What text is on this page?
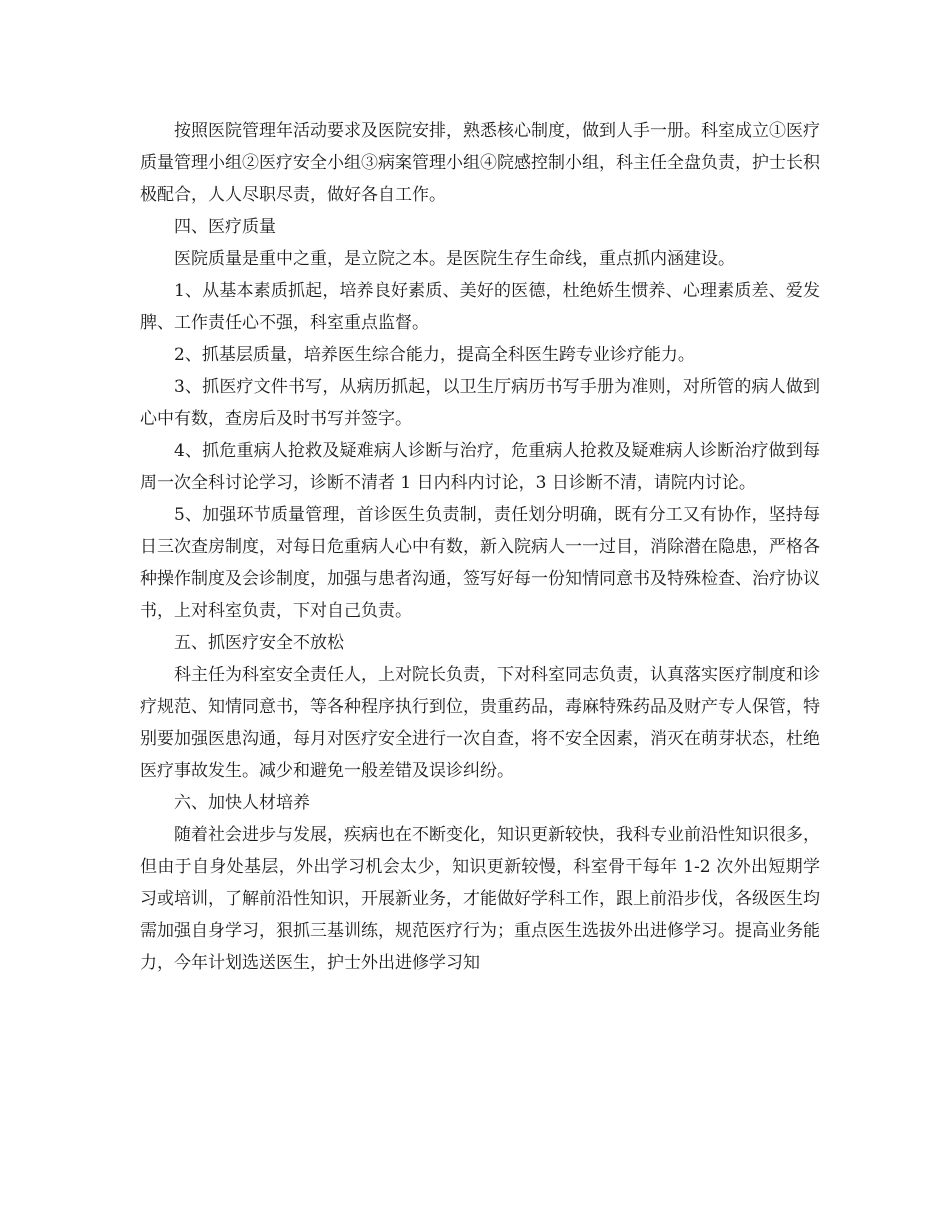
按照医院管理年活动要求及医院安排，熟悉核心制度，做到人手一册。科室成立①医疗质量管理小组②医疗安全小组③病案管理小组④院感控制小组，科主任全盘负责，护士长积极配合，人人尽职尽责，做好各自工作。

四、医疗质量

医院质量是重中之重，是立院之本。是医院生存生命线，重点抓内涵建设。

1、从基本素质抓起，培养良好素质、美好的医德，杜绝娇生惯养、心理素质差、爱发脾、工作责任心不强，科室重点监督。

2、抓基层质量，培养医生综合能力，提高全科医生跨专业诊疗能力。

3、抓医疗文件书写，从病历抓起，以卫生厅病历书写手册为准则，对所管的病人做到心中有数，查房后及时书写并签字。

4、抓危重病人抢救及疑难病人诊断与治疗，危重病人抢救及疑难病人诊断治疗做到每周一次全科讨论学习，诊断不清者 1 日内科内讨论，3 日诊断不清，请院内讨论。

5、加强环节质量管理，首诊医生负责制，责任划分明确，既有分工又有协作，坚持每日三次查房制度，对每日危重病人心中有数，新入院病人一一过目，消除潜在隐患，严格各种操作制度及会诊制度，加强与患者沟通，签写好每一份知情同意书及特殊检查、治疗协议书，上对科室负责，下对自己负责。

五、抓医疗安全不放松

科主任为科室安全责任人，上对院长负责，下对科室同志负责，认真落实医疗制度和诊疗规范、知情同意书，等各种程序执行到位，贵重药品，毒麻特殊药品及财产专人保管，特别要加强医患沟通，每月对医疗安全进行一次自查，将不安全因素，消灭在萌芽状态，杜绝医疗事故发生。减少和避免一般差错及误诊纠纷。

六、加快人材培养

随着社会进步与发展，疾病也在不断变化，知识更新较快，我科专业前沿性知识很多，但由于自身处基层，外出学习机会太少，知识更新较慢，科室骨干每年 1-2 次外出短期学习或培训，了解前沿性知识，开展新业务，才能做好学科工作，跟上前沿步伐，各级医生均需加强自身学习，狠抓三基训练，规范医疗行为；重点医生选拔外出进修学习。提高业务能力，今年计划选送医生，护士外出进修学习知
